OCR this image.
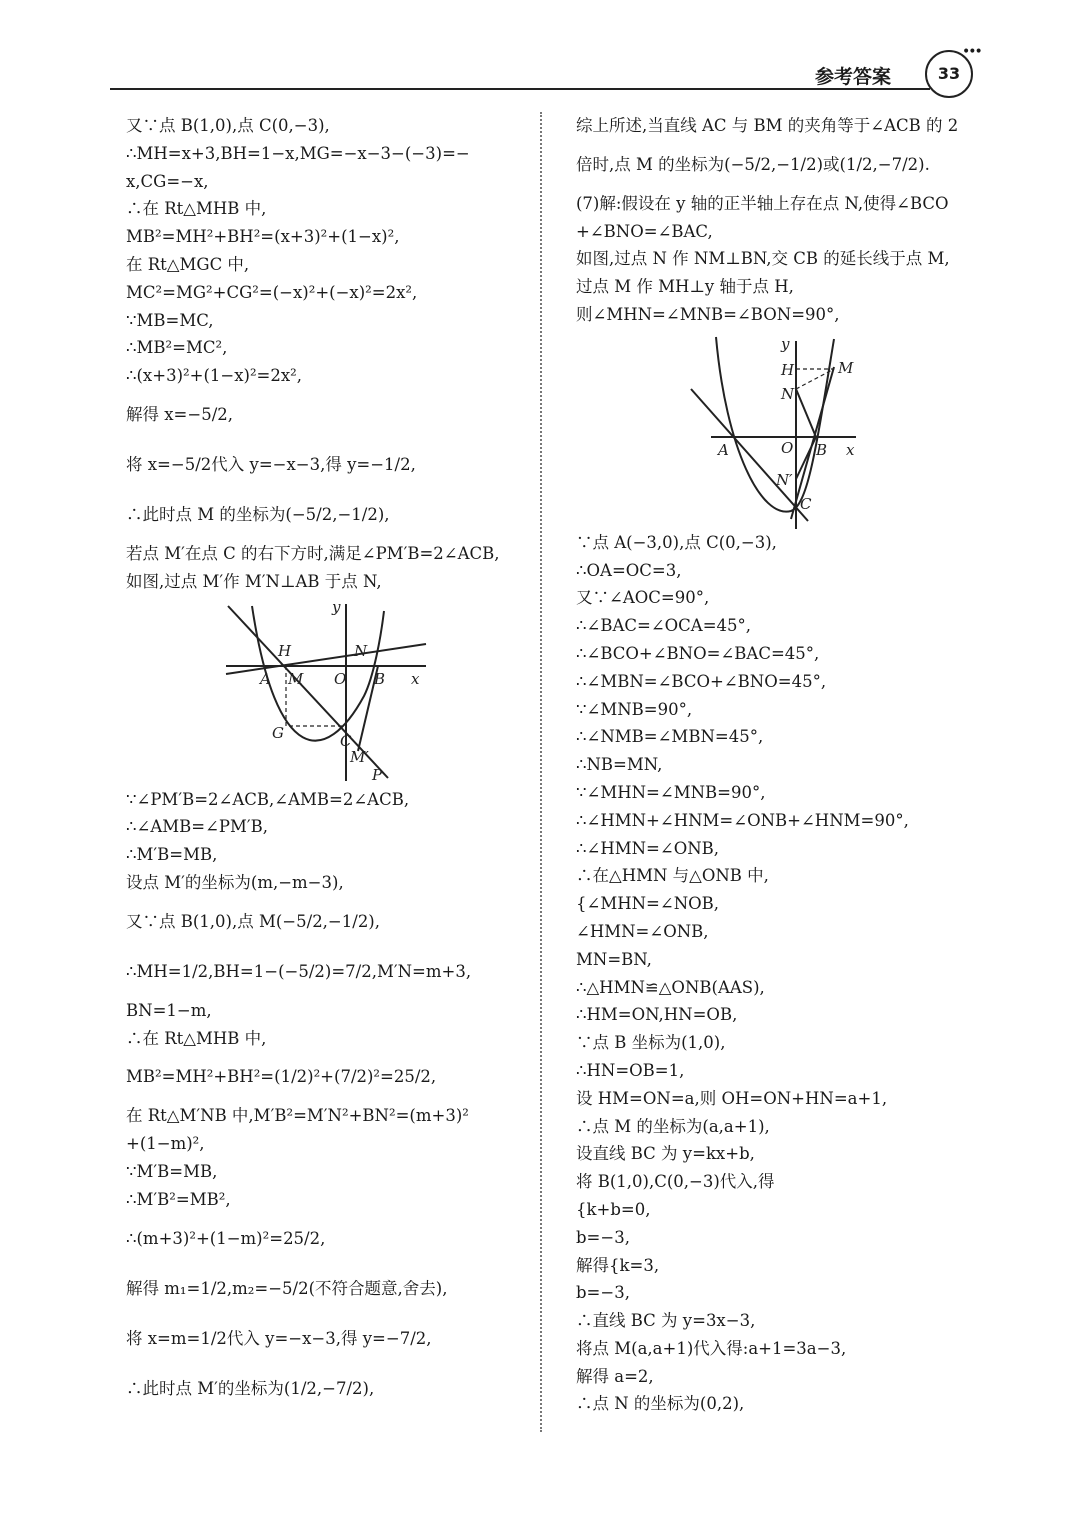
参考答案	33
•••
又∵点 B(1,0),点 C(0,−3),
∴MH=x+3,BH=1−x,MG=−x−3−(−3)=−
x,CG=−x,
∴在 Rt△MHB 中,
MB²=MH²+BH²=(x+3)²+(1−x)²,
在 Rt△MGC 中,
MC²=MG²+CG²=(−x)²+(−x)²=2x²,
∵MB=MC,
∴MB²=MC²,
∴(x+3)²+(1−x)²=2x²,
解得 x=−5/2,
将 x=−5/2代入 y=−x−3,得 y=−1/2,
∴此时点 M 的坐标为(−5/2,−1/2),
若点 M′在点 C 的右下方时,满足∠PM′B=2∠ACB,
如图,过点 M′作 M′N⊥AB 于点 N,
y
x
H	N
A M O B
G	C
M′
P
∵∠PM′B=2∠ACB,∠AMB=2∠ACB,
∴∠AMB=∠PM′B,
∴M′B=MB,
设点 M′的坐标为(m,−m−3),
又∵点 B(1,0),点 M(−5/2,−1/2),
∴MH=1/2,BH=1−(−5/2)=7/2,M′N=m+3,
BN=1−m,
∴在 Rt△MHB 中,
MB²=MH²+BH²=(1/2)²+(7/2)²=25/2,
在 Rt△M′NB 中,M′B²=M′N²+BN²=(m+3)²
+(1−m)²,
∵M′B=MB,
∴M′B²=MB²,
∴(m+3)²+(1−m)²=25/2,
解得 m₁=1/2,m₂=−5/2(不符合题意,舍去),
将 x=m=1/2代入 y=−x−3,得 y=−7/2,
∴此时点 M′的坐标为(1/2,−7/2),
综上所述,当直线 AC 与 BM 的夹角等于∠ACB 的 2
倍时,点 M 的坐标为(−5/2,−1/2)或(1/2,−7/2).
(7)解:假设在 y 轴的正半轴上存在点 N,使得∠BCO
+∠BNO=∠BAC,
如图,过点 N 作 NM⊥BN,交 CB 的延长线于点 M,
过点 M 作 MH⊥y 轴于点 H,
则∠MHN=∠MNB=∠BON=90°,
y
x
H	M
N
A	O B
N′
C
∵点 A(−3,0),点 C(0,−3),
∴OA=OC=3,
又∵∠AOC=90°,
∴∠BAC=∠OCA=45°,
∴∠BCO+∠BNO=∠BAC=45°,
∴∠MBN=∠BCO+∠BNO=45°,
∵∠MNB=90°,
∴∠NMB=∠MBN=45°,
∴NB=MN,
∵∠MHN=∠MNB=90°,
∴∠HMN+∠HNM=∠ONB+∠HNM=90°,
∴∠HMN=∠ONB,
∴在△HMN 与△ONB 中,
{∠MHN=∠NOB,
∠HMN=∠ONB,
MN=BN,
∴△HMN≌△ONB(AAS),
∴HM=ON,HN=OB,
∵点 B 坐标为(1,0),
∴HN=OB=1,
设 HM=ON=a,则 OH=ON+HN=a+1,
∴点 M 的坐标为(a,a+1),
设直线 BC 为 y=kx+b,
将 B(1,0),C(0,−3)代入,得
{k+b=0,
b=−3,
解得{k=3,
b=−3,
∴直线 BC 为 y=3x−3,
将点 M(a,a+1)代入得:a+1=3a−3,
解得 a=2,
∴点 N 的坐标为(0,2),
